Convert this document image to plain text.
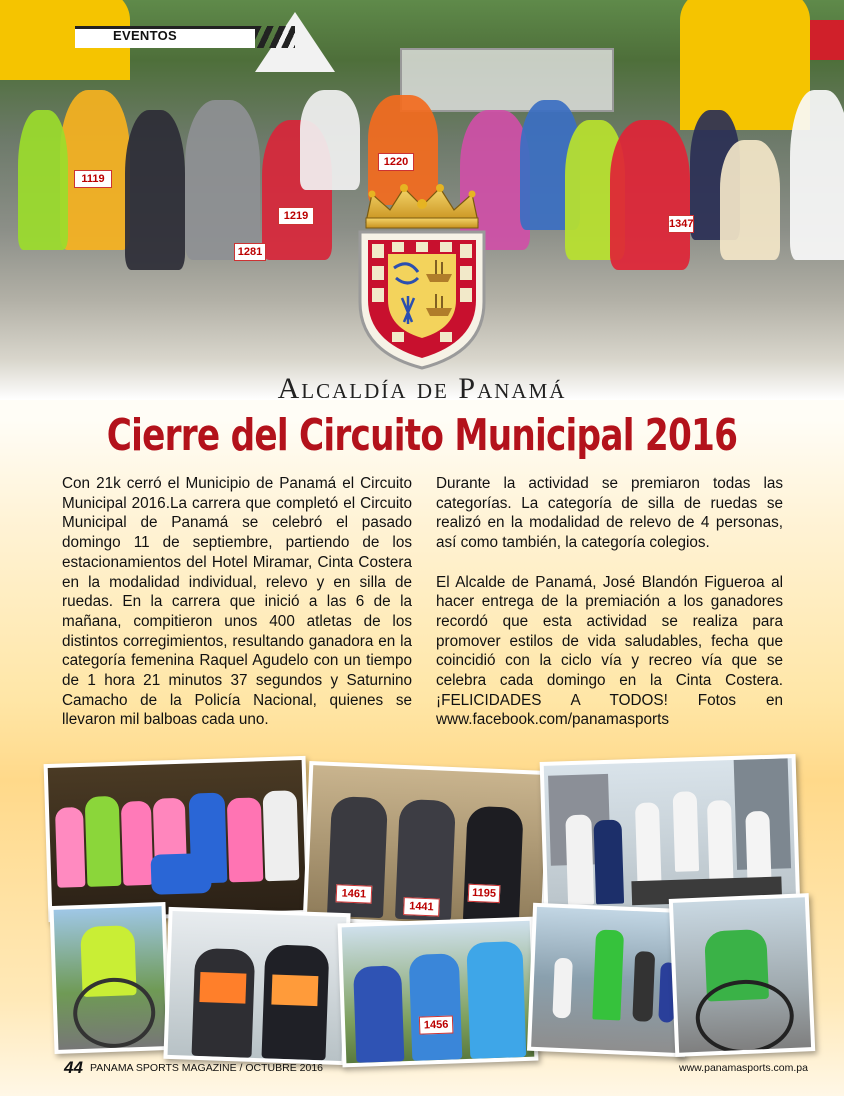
1119
1220
1219
1281
1347
EVENTOS
Alcaldía de Panamá
Cierre del Circuito Municipal 2016

Con 21k cerró el Municipio de Panamá el Circuito Municipal 2016.La carrera que completó el Circuito Municipal de Panamá se celebró el pasado domingo 11 de septiembre, partiendo de los estacionamientos del Hotel Miramar, Cinta Costera en la modalidad individual, relevo y en silla de ruedas. En la carrera que inició a las 6 de la mañana, compitieron unos 400 atletas de los distintos corregimientos, resultando ganadora en la categoría femenina Raquel Agudelo con un tiempo de 1 hora 21 minutos 37 segundos y Saturnino Camacho de la Policía Nacional, quienes se llevaron mil balboas cada uno.

Durante la actividad se premiaron todas las categorías. La categoría de silla de ruedas se realizó en la modalidad de relevo de 4 personas, así como también, la categoría colegios.

El Alcalde de Panamá, José Blandón Figueroa al hacer entrega de la premiación a los ganadores recordó que esta actividad se realiza para promover estilos de vida saludables, fecha que coincidió con la ciclo vía y recreo vía que se celebra cada domingo en la Cinta Costera. ¡FELICIDADES A TODOS! Fotos en www.facebook.com/panamasports

1461
1441
1195
1456
44 PANAMA SPORTS MAGAZINE / OCTUBRE 2016	www.panamasports.com.pa
